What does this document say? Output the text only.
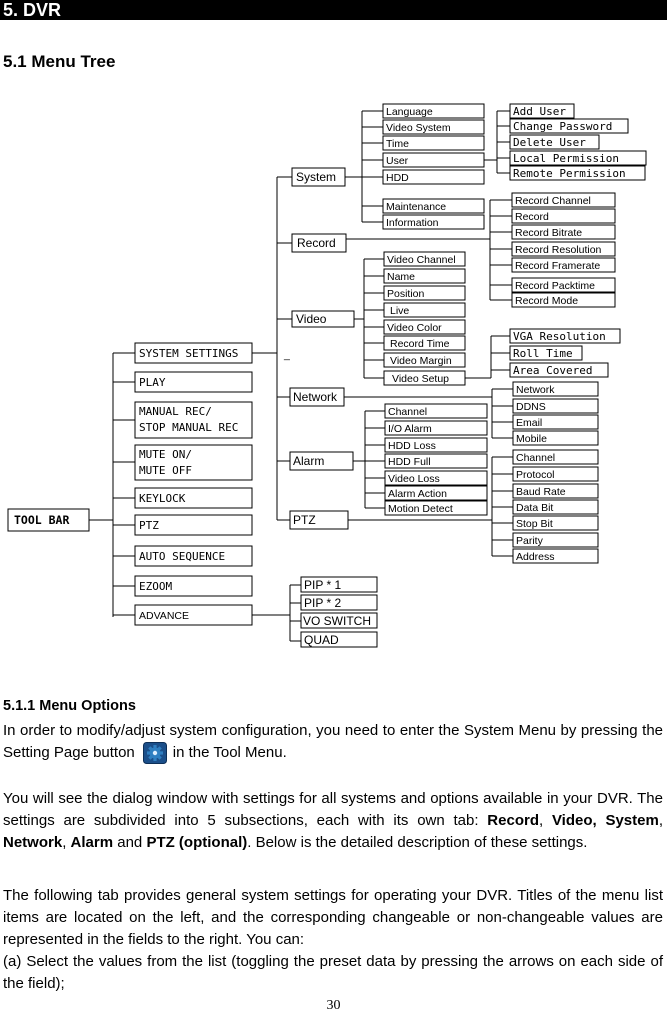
5. DVR
5.1 Menu Tree
TOOL BAR
SYSTEM SETTINGS
PLAY
MANUAL REC/
STOP MANUAL REC
MUTE ON/
MUTE OFF
KEYLOCK
PTZ
AUTO SEQUENCE
EZOOM
ADVANCE
_
System
Record
Video
Network
Alarm
PTZ
Language
Video System
Time
User
HDD
Maintenance
Information
Add User
Change Password
Delete User
Local Permission
Remote Permission
Record Channel
Record
Record Bitrate
Record Resolution
Record Framerate
Record Packtime
Record Mode
Video Channel
Name
Position
Live
Video Color
Record Time
Video Margin
Video Setup
VGA Resolution
Roll Time
Area Covered
Network
DDNS
Email
Mobile
Channel
I/O Alarm
HDD Loss
HDD Full
Video Loss
Alarm Action
Motion Detect
Channel
Protocol
Baud Rate
Data Bit
Stop Bit
Parity
Address
PIP * 1
PIP * 2
VO SWITCH
QUAD
5.1.1 Menu Options

In order to modify/adjust system configuration, you need to enter the System Menu by pressing the Setting Page button	in the Tool Menu.

You will see the dialog window with settings for all systems and options available in your DVR. The settings are subdivided into 5 subsections, each with its own tab: Record, Video, System, Network, Alarm and PTZ (optional). Below is the detailed description of these settings.

The following tab provides general system settings for operating your DVR. Titles of the menu list items are located on the left, and the corresponding changeable or non-changeable values are represented in the fields to the right. You can:

(a) Select the values from the list (toggling the preset data by pressing the arrows on each side of the field);

30
